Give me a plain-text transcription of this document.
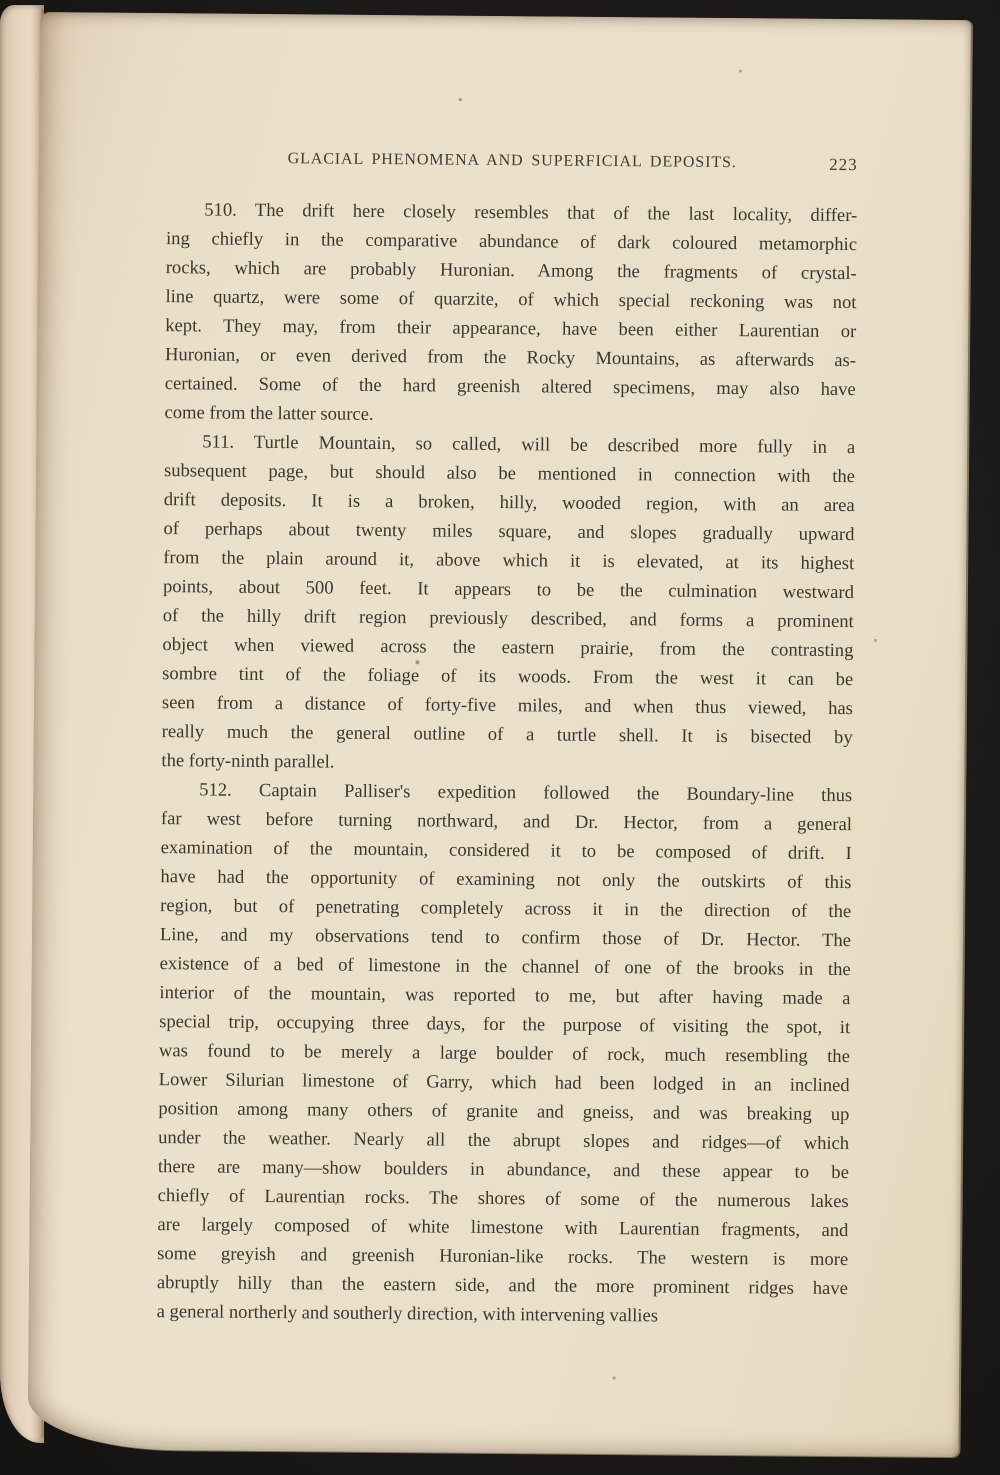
GLACIAL PHENOMENA AND SUPERFICIAL DEPOSITS.	223

510. The drift here closely resembles that of the last locality, differ-
ing chiefly in the comparative abundance of dark coloured metamorphic
rocks, which are probably Huronian. Among the fragments of crystal-
line quartz, were some of quarzite, of which special reckoning was not
kept. They may, from their appearance, have been either Laurentian or
Huronian, or even derived from the Rocky Mountains, as afterwards as-
certained. Some of the hard greenish altered specimens, may also have
come from the latter source.

511. Turtle Mountain, so called, will be described more fully in a
subsequent page, but should also be mentioned in connection with the
drift deposits. It is a broken, hilly, wooded region, with an area
of perhaps about twenty miles square, and slopes gradually upward
from the plain around it, above which it is elevated, at its highest
points, about 500 feet. It appears to be the culmination westward
of the hilly drift region previously described, and forms a prominent
object when viewed across the eastern prairie, from the contrasting
sombre tint of the foliage of its woods. From the west it can be
seen from a distance of forty-five miles, and when thus viewed, has
really much the general outline of a turtle shell. It is bisected by
the forty-ninth parallel.

512. Captain Palliser's expedition followed the Boundary-line thus
far west before turning northward, and Dr. Hector, from a general
examination of the mountain, considered it to be composed of drift. I
have had the opportunity of examining not only the outskirts of this
region, but of penetrating completely across it in the direction of the
Line, and my observations tend to confirm those of Dr. Hector. The
existence of a bed of limestone in the channel of one of the brooks in the
interior of the mountain, was reported to me, but after having made a
special trip, occupying three days, for the purpose of visiting the spot, it
was found to be merely a large boulder of rock, much resembling the
Lower Silurian limestone of Garry, which had been lodged in an inclined
position among many others of granite and gneiss, and was breaking up
under the weather. Nearly all the abrupt slopes and ridges—of which
there are many—show boulders in abundance, and these appear to be
chiefly of Laurentian rocks. The shores of some of the numerous lakes
are largely composed of white limestone with Laurentian fragments, and
some greyish and greenish Huronian-like rocks. The western is more
abruptly hilly than the eastern side, and the more prominent ridges have
a general northerly and southerly direction, with intervening vallies
